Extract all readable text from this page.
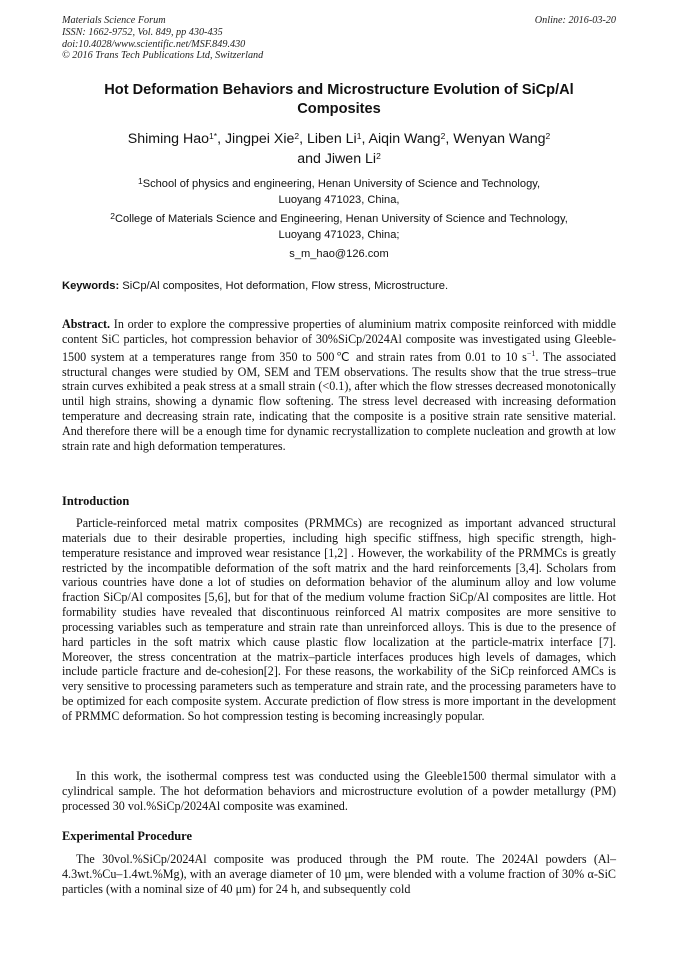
Materials Science Forum
ISSN: 1662-9752, Vol. 849, pp 430-435
doi:10.4028/www.scientific.net/MSF.849.430
© 2016 Trans Tech Publications Ltd, Switzerland
Online: 2016-03-20
Hot Deformation Behaviors and Microstructure Evolution of SiCp/Al Composites
Shiming Hao$^{1*}$, Jingpei Xie$^2$, Liben Li$^1$, Aiqin Wang$^2$, Wenyan Wang$^2$
and Jiwen Li$^2$
$^1$School of physics and engineering, Henan University of Science and Technology,
Luoyang 471023, China,
$^2$College of Materials Science and Engineering, Henan University of Science and Technology,
Luoyang 471023, China;
s_m_hao@126.com
Keywords: SiCp/Al composites, Hot deformation, Flow stress, Microstructure.
Abstract. In order to explore the compressive properties of aluminium matrix composite reinforced with middle content SiC particles, hot compression behavior of 30%SiCp/2024Al composite was investigated using Gleeble-1500 system at a temperatures range from 350 to 500℃ and strain rates from 0.01 to 10 $s^{-1}$. The associated structural changes were studied by OM, SEM and TEM observations. The results show that the true stress–true strain curves exhibited a peak stress at a small strain (<0.1), after which the flow stresses decreased monotonically until high strains, showing a dynamic flow softening. The stress level decreased with increasing deformation temperature and decreasing strain rate, indicating that the composite is a positive strain rate sensitive material. And therefore there will be a enough time for dynamic recrystallization to complete nucleation and growth at low strain rate and high deformation temperatures.
Introduction
Particle-reinforced metal matrix composites (PRMMCs) are recognized as important advanced structural materials due to their desirable properties, including high specific stiffness, high specific strength, high-temperature resistance and improved wear resistance [1,2] . However, the workability of the PRMMCs is greatly restricted by the incompatible deformation of the soft matrix and the hard reinforcements [3,4]. Scholars from various countries have done a lot of studies on deformation behavior of the aluminum alloy and low volume fraction SiCp/Al composites [5,6], but for that of the medium volume fraction SiCp/Al composites are little. Hot formability studies have revealed that discontinuous reinforced Al matrix composites are more sensitive to processing variables such as temperature and strain rate than unreinforced alloys. This is due to the presence of hard particles in the soft matrix which cause plastic flow localization at the particle-matrix interface [7]. Moreover, the stress concentration at the matrix–particle interfaces produces high levels of damages, which include particle fracture and de-cohesion[2]. For these reasons, the workability of the SiCp reinforced AMCs is very sensitive to processing parameters such as temperature and strain rate, and the processing parameters have to be optimized for each composite system. Accurate prediction of flow stress is more important in the development of PRMMC deformation. So hot compression testing is becoming increasingly popular.
In this work, the isothermal compress test was conducted using the Gleeble1500 thermal simulator with a cylindrical sample. The hot deformation behaviors and microstructure evolution of a powder metallurgy (PM) processed 30 vol.%SiCp/2024Al composite was examined.
Experimental Procedure
The 30vol.%SiCp/2024Al composite was produced through the PM route. The 2024Al powders (Al–4.3wt.%Cu–1.4wt.%Mg), with an average diameter of 10 μm, were blended with a volume fraction of 30% α-SiC particles (with a nominal size of 40 μm) for 24 h, and subsequently cold
